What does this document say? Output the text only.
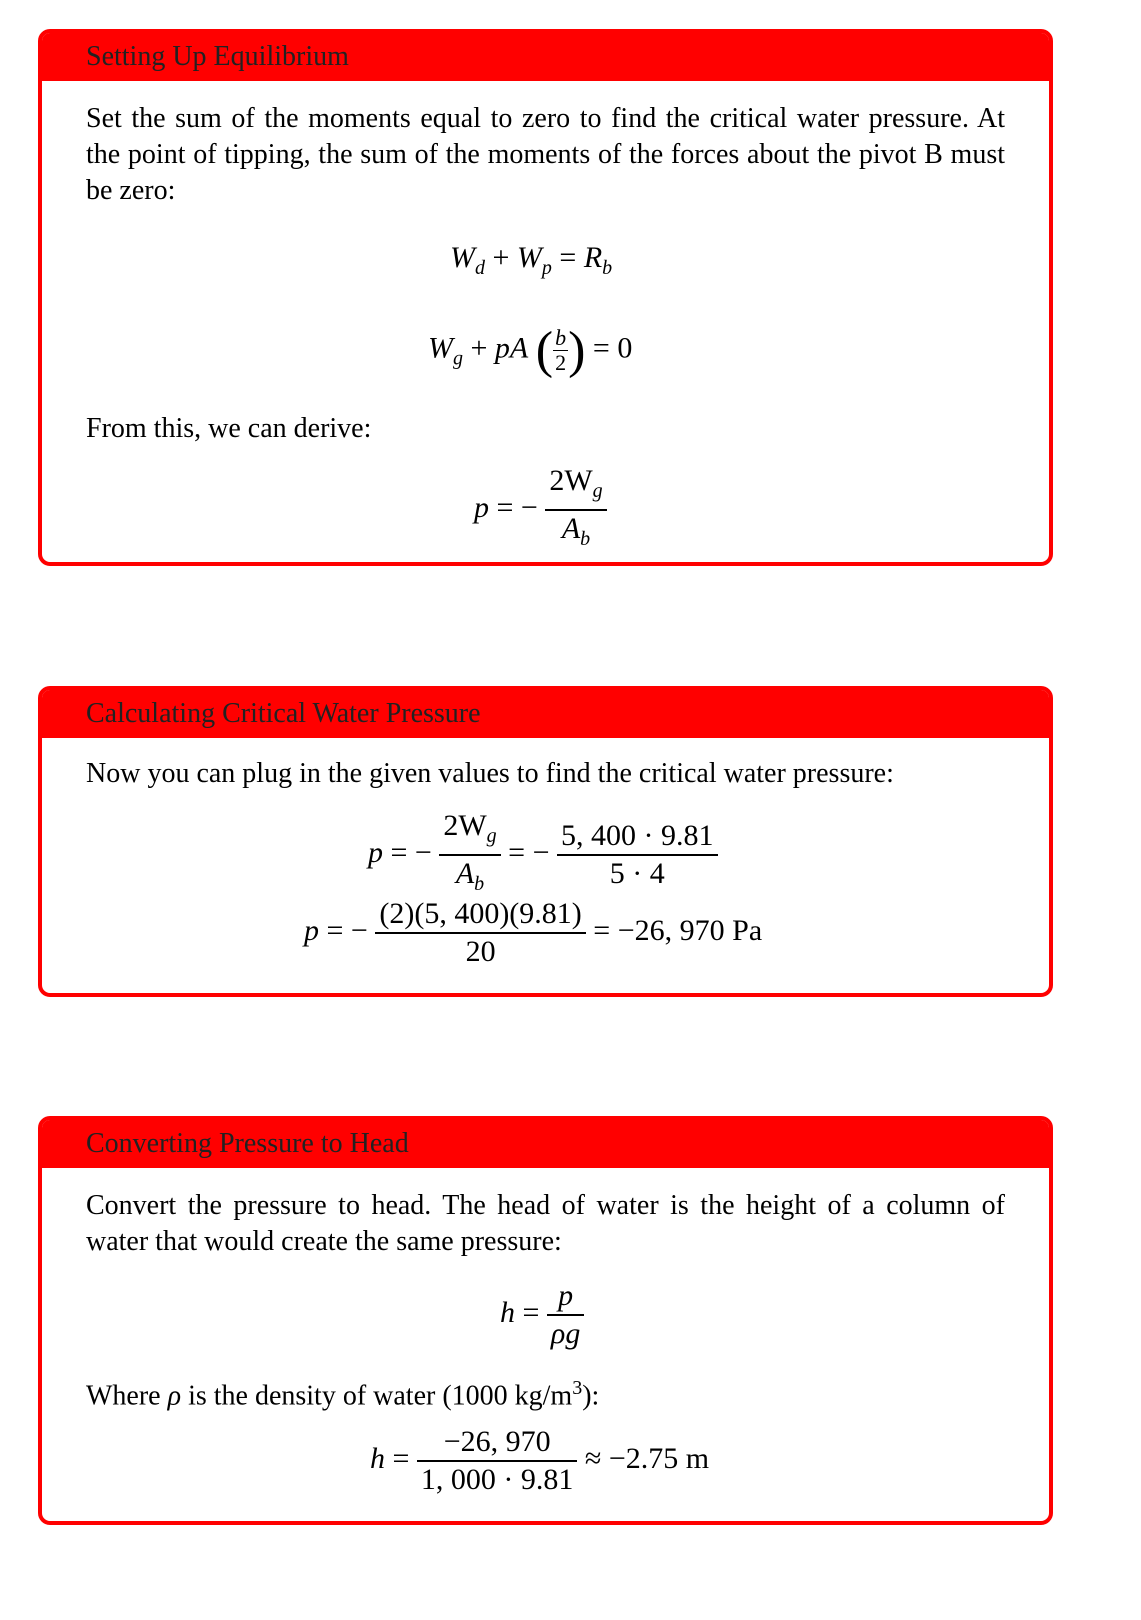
Setting Up Equilibrium
Set the sum of the moments equal to zero to find the critical water pressure. At the point of tipping, the sum of the moments of the forces about the pivot B must be zero:
$W_d + W_p = R_b$
$W_g$ + pA ( $\frac{b}{2}$ ) = 0
From this, we can derive:
p = − $\frac{2W_g}{A_b}$
Calculating Critical Water Pressure
Now you can plug in the given values to find the critical water pressure:
p = − $\frac{2W_g}{A_b}$ = − $\frac{5, 400 \cdot 9.81}{5 \cdot 4}$
p = − $\frac{(2)(5, 400)(9.81)}{20} = -26$, 970 Pa
Converting Pressure to Head
Convert the pressure to head. The head of water is the height of a column of water that would create the same pressure:
$h = \frac{p}{\rho g}$
Where ρ is the density of water (1000 $kg/m^3$):
$h = \frac{-26, 970}{1, 000 \cdot 9.81} \approx -2.75$ m
